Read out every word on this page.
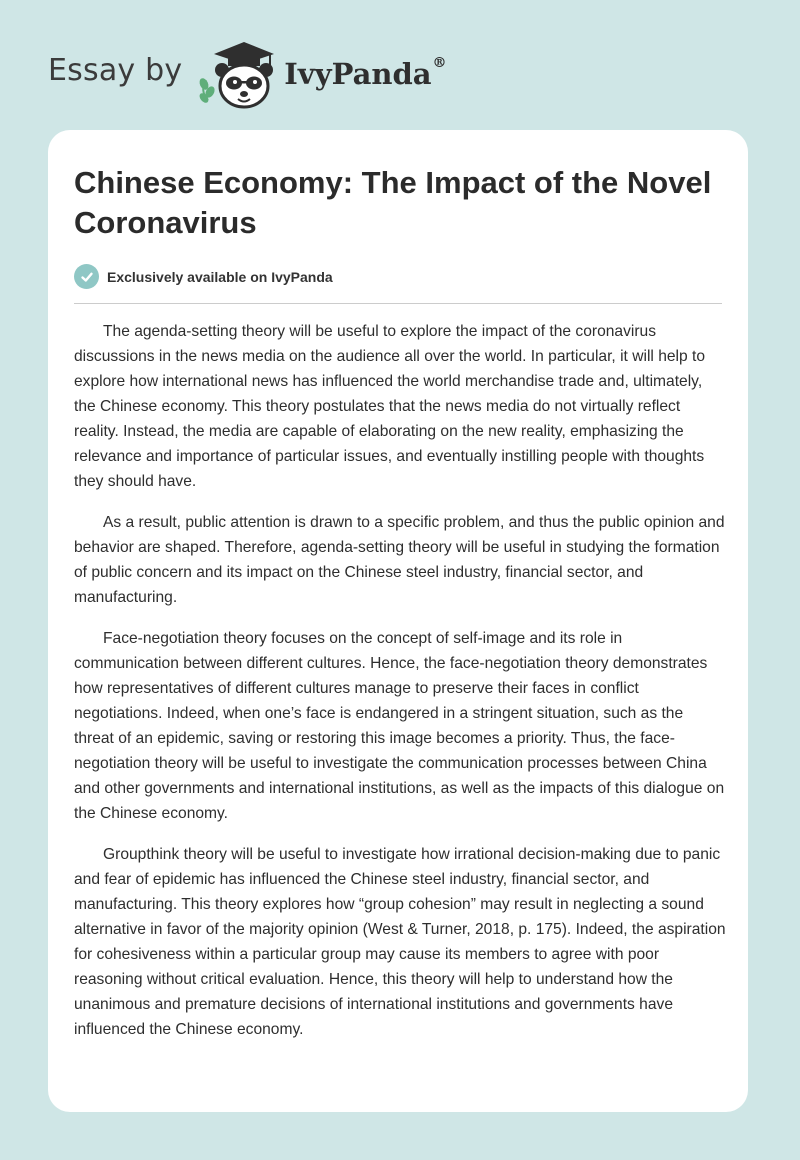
Essay by	IvyPanda®
Chinese Economy: The Impact of the Novel Coronavirus
Exclusively available on IvyPanda

The agenda-setting theory will be useful to explore the impact of the coronavirus discussions in the news media on the audience all over the world. In particular, it will help to explore how international news has influenced the world merchandise trade and, ultimately, the Chinese economy. This theory postulates that the news media do not virtually reflect reality. Instead, the media are capable of elaborating on the new reality, emphasizing the relevance and importance of particular issues, and eventually instilling people with thoughts they should have.

As a result, public attention is drawn to a specific problem, and thus the public opinion and behavior are shaped. Therefore, agenda-setting theory will be useful in studying the formation of public concern and its impact on the Chinese steel industry, financial sector, and manufacturing.

Face-negotiation theory focuses on the concept of self-image and its role in communication between different cultures. Hence, the face-negotiation theory demonstrates how representatives of different cultures manage to preserve their faces in conflict negotiations. Indeed, when one’s face is endangered in a stringent situation, such as the threat of an epidemic, saving or restoring this image becomes a priority. Thus, the face-negotiation theory will be useful to investigate the communication processes between China and other governments and international institutions, as well as the impacts of this dialogue on the Chinese economy.

Groupthink theory will be useful to investigate how irrational decision-making due to panic and fear of epidemic has influenced the Chinese steel industry, financial sector, and manufacturing. This theory explores how “group cohesion” may result in neglecting a sound alternative in favor of the majority opinion (West & Turner, 2018, p. 175). Indeed, the aspiration for cohesiveness within a particular group may cause its members to agree with poor reasoning without critical evaluation. Hence, this theory will help to understand how the unanimous and premature decisions of international institutions and governments have influenced the Chinese economy.
